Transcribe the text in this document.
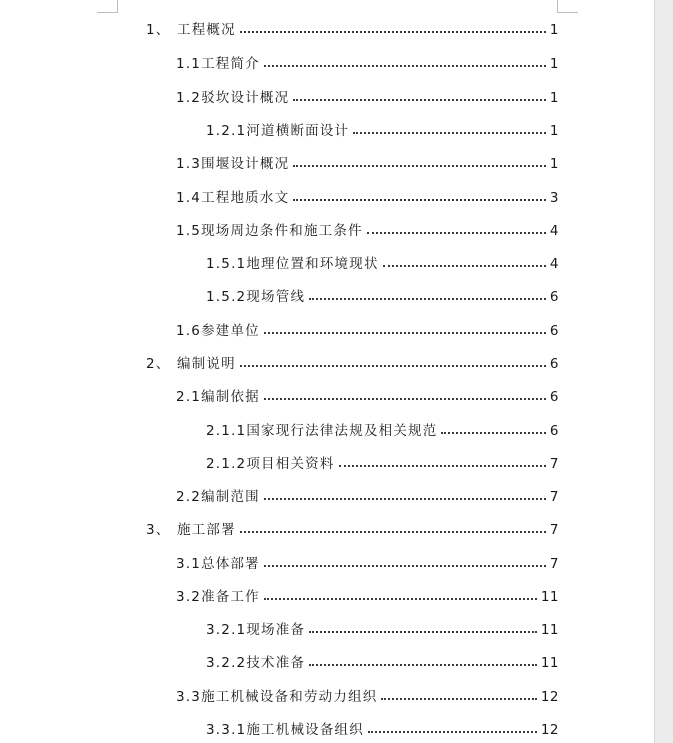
1、 工程概况	1
1.1 工程简介	1
1.2 驳坎设计概况	1
1.2.1 河道横断面设计	1
1.3 围堰设计概况	1
1.4 工程地质水文	3
1.5 现场周边条件和施工条件	4
1.5.1 地理位置和环境现状	4
1.5.2 现场管线	6
1.6 参建单位	6
2、 编制说明	6
2.1 编制依据	6
2.1.1 国家现行法律法规及相关规范	6
2.1.2 项目相关资料	7
2.2 编制范围	7
3、 施工部署	7
3.1 总体部署	7
3.2 准备工作	11
3.2.1 现场准备	11
3.2.2 技术准备	11
3.3 施工机械设备和劳动力组织	12
3.3.1 施工机械设备组织	12
